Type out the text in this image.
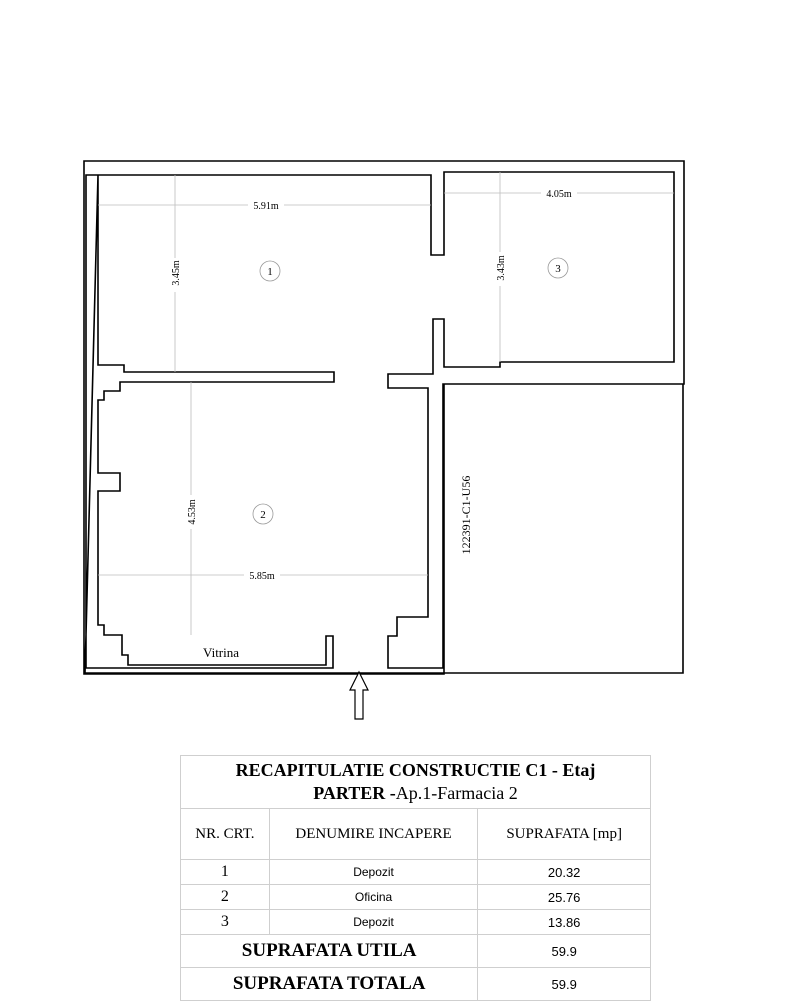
5.91m
3.45m
4.05m
3.43m
4.53m
5.85m
1
2
3
Vitrina
122391-C1-U56
RECAPITULATIE CONSTRUCTIE C1 - Etaj
PARTER -Ap.1-Farmacia 2		

NR. CRT.	DENUMIRE INCAPERE	SUPRAFATA [mp]
1	Depozit	20.32
2	Oficina	25.76
3	Depozit	13.86
SUPRAFATA UTILA		59.9
SUPRAFATA TOTALA		59.9
